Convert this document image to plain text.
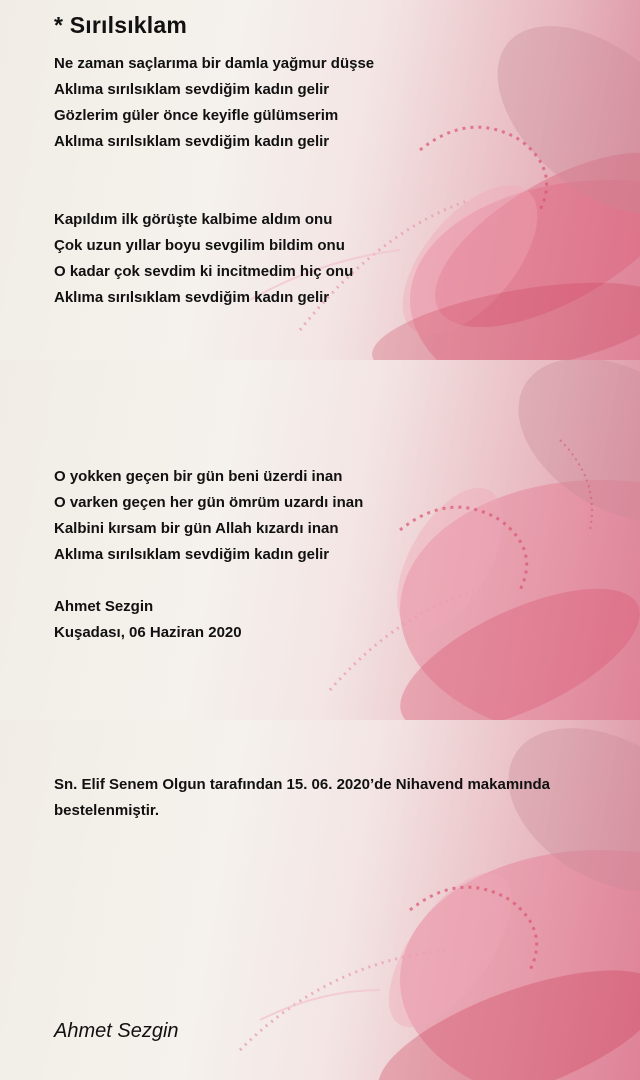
* Sırılsıklam
Ne zaman saçlarıma bir damla yağmur düşse
Aklıma sırılsıklam sevdiğim kadın gelir
Gözlerim güler önce keyifle gülümserim
Aklıma sırılsıklam sevdiğim kadın gelir
Kapıldım ilk görüşte kalbime aldım onu
Çok uzun yıllar boyu sevgilim bildim onu
O kadar çok sevdim ki incitmedim hiç onu
Aklıma sırılsıklam sevdiğim kadın gelir
O yokken geçen bir gün beni üzerdi inan
O varken geçen her gün ömrüm uzardı inan
Kalbini kırsam bir gün Allah kızardı inan
Aklıma sırılsıklam sevdiğim kadın gelir
Ahmet Sezgin
Kuşadası, 06 Haziran 2020
Sn. Elif Senem Olgun tarafından 15. 06. 2020’de Nihavend makamında bestelenmiştir.
Ahmet Sezgin
